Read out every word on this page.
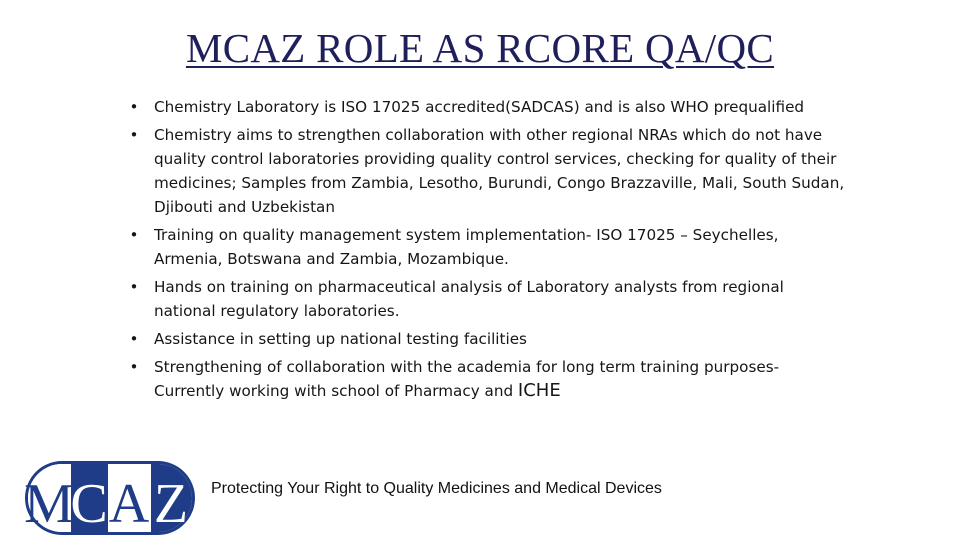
MCAZ ROLE AS RCORE QA/QC
• Chemistry Laboratory is ISO 17025 accredited(SADCAS) and is also WHO prequalified
• Chemistry aims to strengthen collaboration with other regional NRAs which do not have quality control laboratories providing quality control services, checking for quality of their medicines; Samples from Zambia, Lesotho, Burundi, Congo Brazzaville, Mali, South Sudan, Djibouti and Uzbekistan
• Training on quality management system implementation- ISO 17025 – Seychelles, Armenia, Botswana and Zambia, Mozambique.
• Hands on training on pharmaceutical analysis of Laboratory analysts from regional national regulatory laboratories.
• Assistance in setting up national testing facilities
• Strengthening of collaboration with the academia for long term training purposes- Currently working with school of Pharmacy and ICHE
M
C A Z Protecting Your Right to Quality Medicines and Medical Devices
